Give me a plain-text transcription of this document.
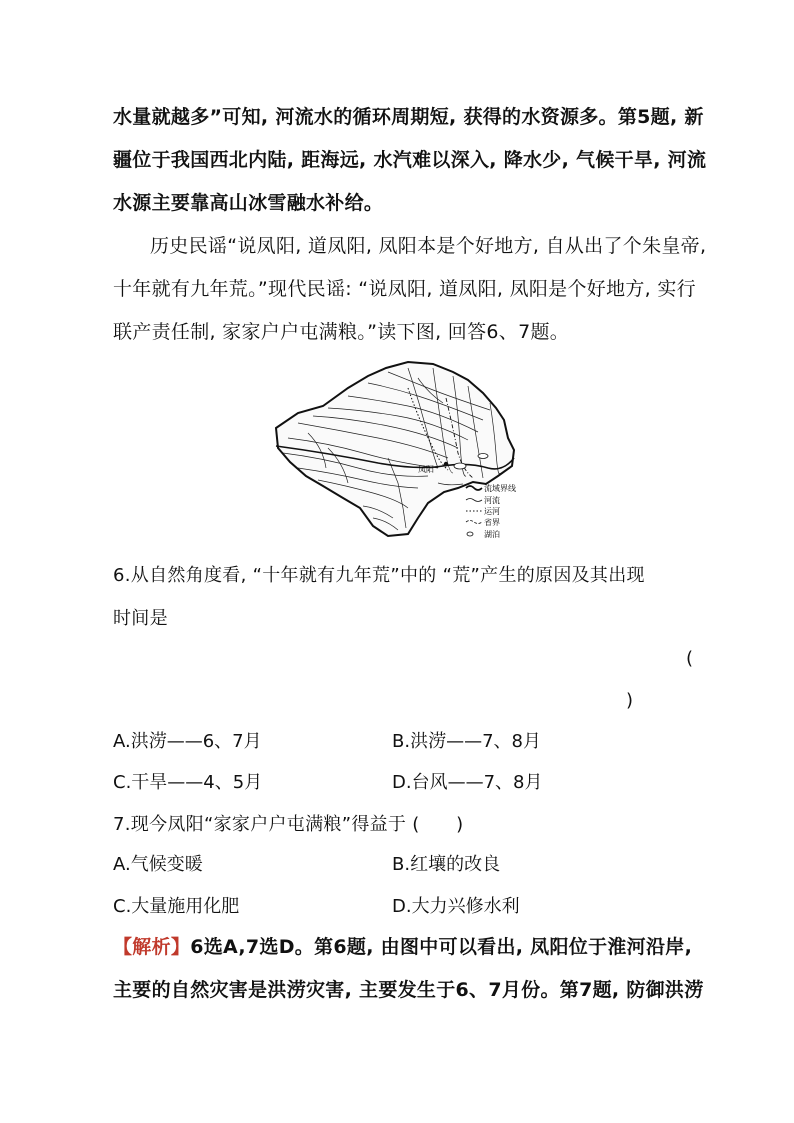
水量就越多”可知, 河流水的循环周期短, 获得的水资源多。第5题, 新
疆位于我国西北内陆, 距海远, 水汽难以深入, 降水少, 气候干旱, 河流
水源主要靠高山冰雪融水补给。
历史民谣“说凤阳, 道凤阳, 凤阳本是个好地方, 自从出了个朱皇帝,
十年就有九年荒。”现代民谣: “说凤阳, 道凤阳, 凤阳是个好地方, 实行
联产责任制, 家家户户屯满粮。”读下图, 回答6、7题。
凤阳
流域界线
河流
运河
省界
湖泊
6.从自然角度看, “十年就有九年荒”中的 “荒”产生的原因及其出现
时间是
(
)
A.洪涝——6、7月	B.洪涝——7、8月
C.干旱——4、5月	D.台风——7、8月
7.现今凤阳“家家户户屯满粮”得益于 (　　)
A.气候变暖	B.红壤的改良
C.大量施用化肥	D.大力兴修水利
【解析】6选A,7选D。第6题, 由图中可以看出, 凤阳位于淮河沿岸,
主要的自然灾害是洪涝灾害, 主要发生于6、7月份。第7题, 防御洪涝
